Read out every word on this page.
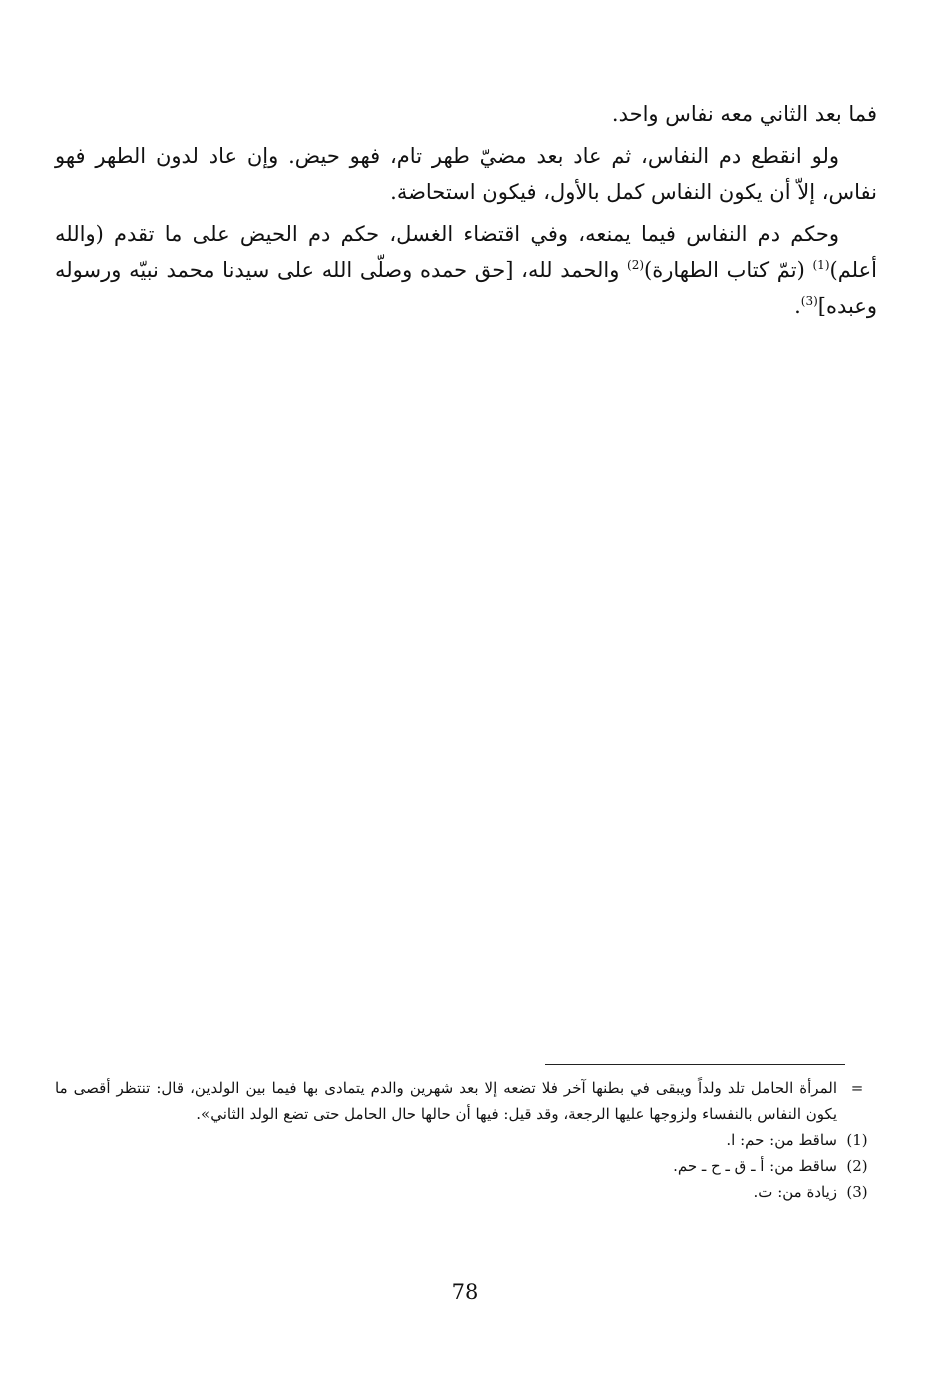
فما بعد الثاني معه نفاس واحد.

ولو انقطع دم النفاس، ثم عاد بعد مضيّ طهر تام، فهو حيض. وإن عاد لدون الطهر فهو نفاس، إلاّ أن يكون النفاس كمل بالأول، فيكون استحاضة.

وحكم دم النفاس فيما يمنعه، وفي اقتضاء الغسل، حكم دم الحيض على ما تقدم (والله أعلم)$^{(1)}$ (تمّ كتاب الطهارة)$^{(2)}$ والحمد لله، [حق حمده وصلّى الله على سيدنا محمد نبيّه ورسوله وعبده]$^{(3)}$.

=
المرأة الحامل تلد ولداً ويبقى في بطنها آخر فلا تضعه إلا بعد شهرين والدم يتمادى بها فيما بين الولدين، قال: تنتظر أقصى ما يكون النفاس بالنفساء ولزوجها عليها الرجعة، وقد قيل: فيها أن حالها حال الحامل حتى تضع الولد الثاني».
(1)
ساقط من: حم: ا.
(2)
ساقط من: أ ـ ق ـ ح ـ حم.
(3)
زيادة من: ت.
78
